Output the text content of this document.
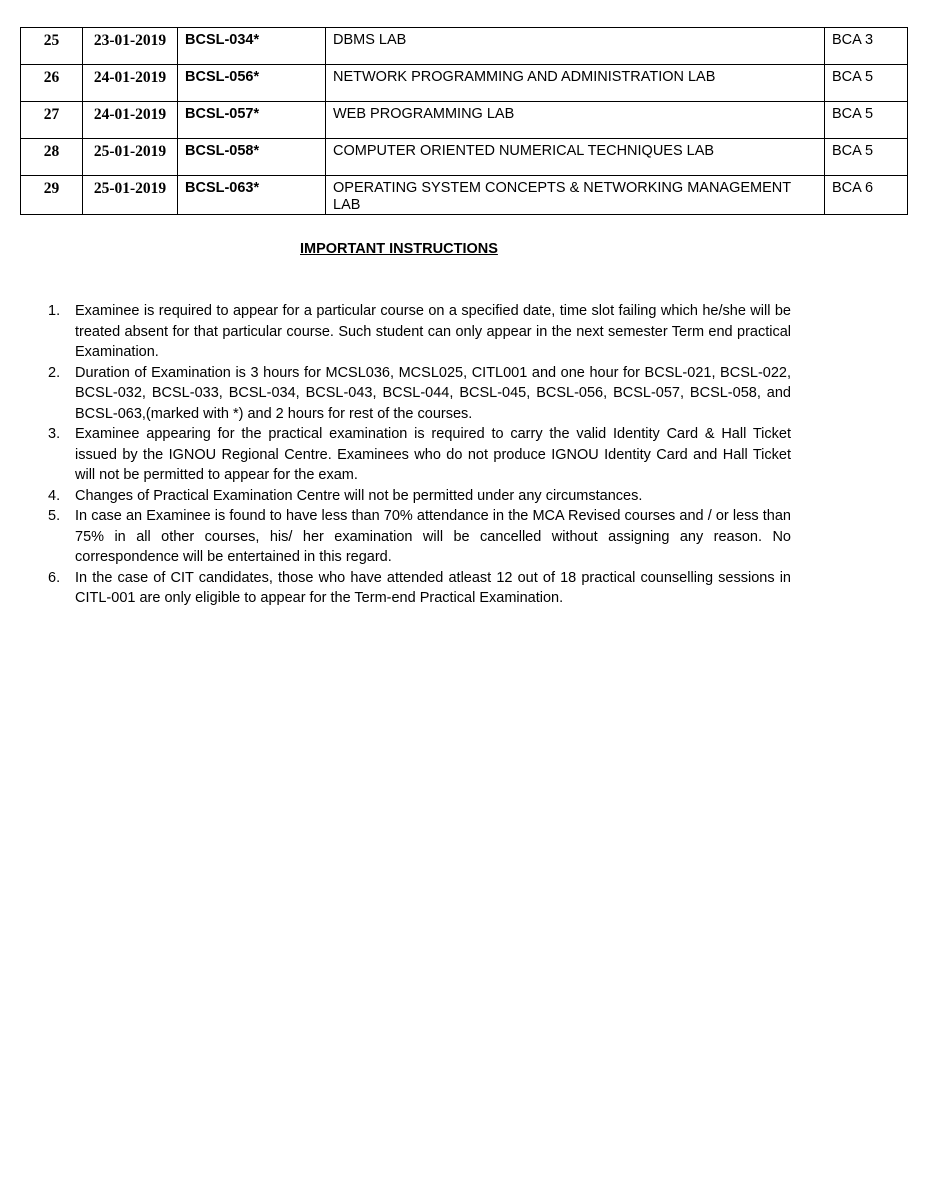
25	23-01-2019	BCSL-034*	DBMS LAB	BCA 3
26	24-01-2019	BCSL-056*	NETWORK PROGRAMMING AND ADMINISTRATION LAB	BCA 5
27	24-01-2019	BCSL-057*	WEB PROGRAMMING LAB	BCA 5
28	25-01-2019	BCSL-058*	COMPUTER ORIENTED NUMERICAL TECHNIQUES LAB	BCA 5
29	25-01-2019	BCSL-063*	OPERATING SYSTEM CONCEPTS & NETWORKING MANAGEMENT LAB	BCA 6
IMPORTANT INSTRUCTIONS
1. Examinee is required to appear for a particular course on a specified date, time slot failing which he/she will be treated absent for that particular course. Such student can only appear in the next semester Term end practical Examination.
2. Duration of Examination is 3 hours for MCSL036, MCSL025, CITL001 and one hour for BCSL-021, BCSL-022, BCSL-032, BCSL-033, BCSL-034, BCSL-043, BCSL-044, BCSL-045, BCSL-056, BCSL-057, BCSL-058, and BCSL-063,(marked with *) and 2 hours for rest of the courses.
3. Examinee appearing for the practical examination is required to carry the valid Identity Card & Hall Ticket issued by the IGNOU Regional Centre. Examinees who do not produce IGNOU Identity Card and Hall Ticket will not be permitted to appear for the exam.
4. Changes of Practical Examination Centre will not be permitted under any circumstances.
5. In case an Examinee is found to have less than 70% attendance in the MCA Revised courses and / or less than 75% in all other courses, his/ her examination will be cancelled without assigning any reason. No correspondence will be entertained in this regard.
6. In the case of CIT candidates, those who have attended atleast 12 out of 18 practical counselling sessions in CITL-001 are only eligible to appear for the Term-end Practical Examination.
